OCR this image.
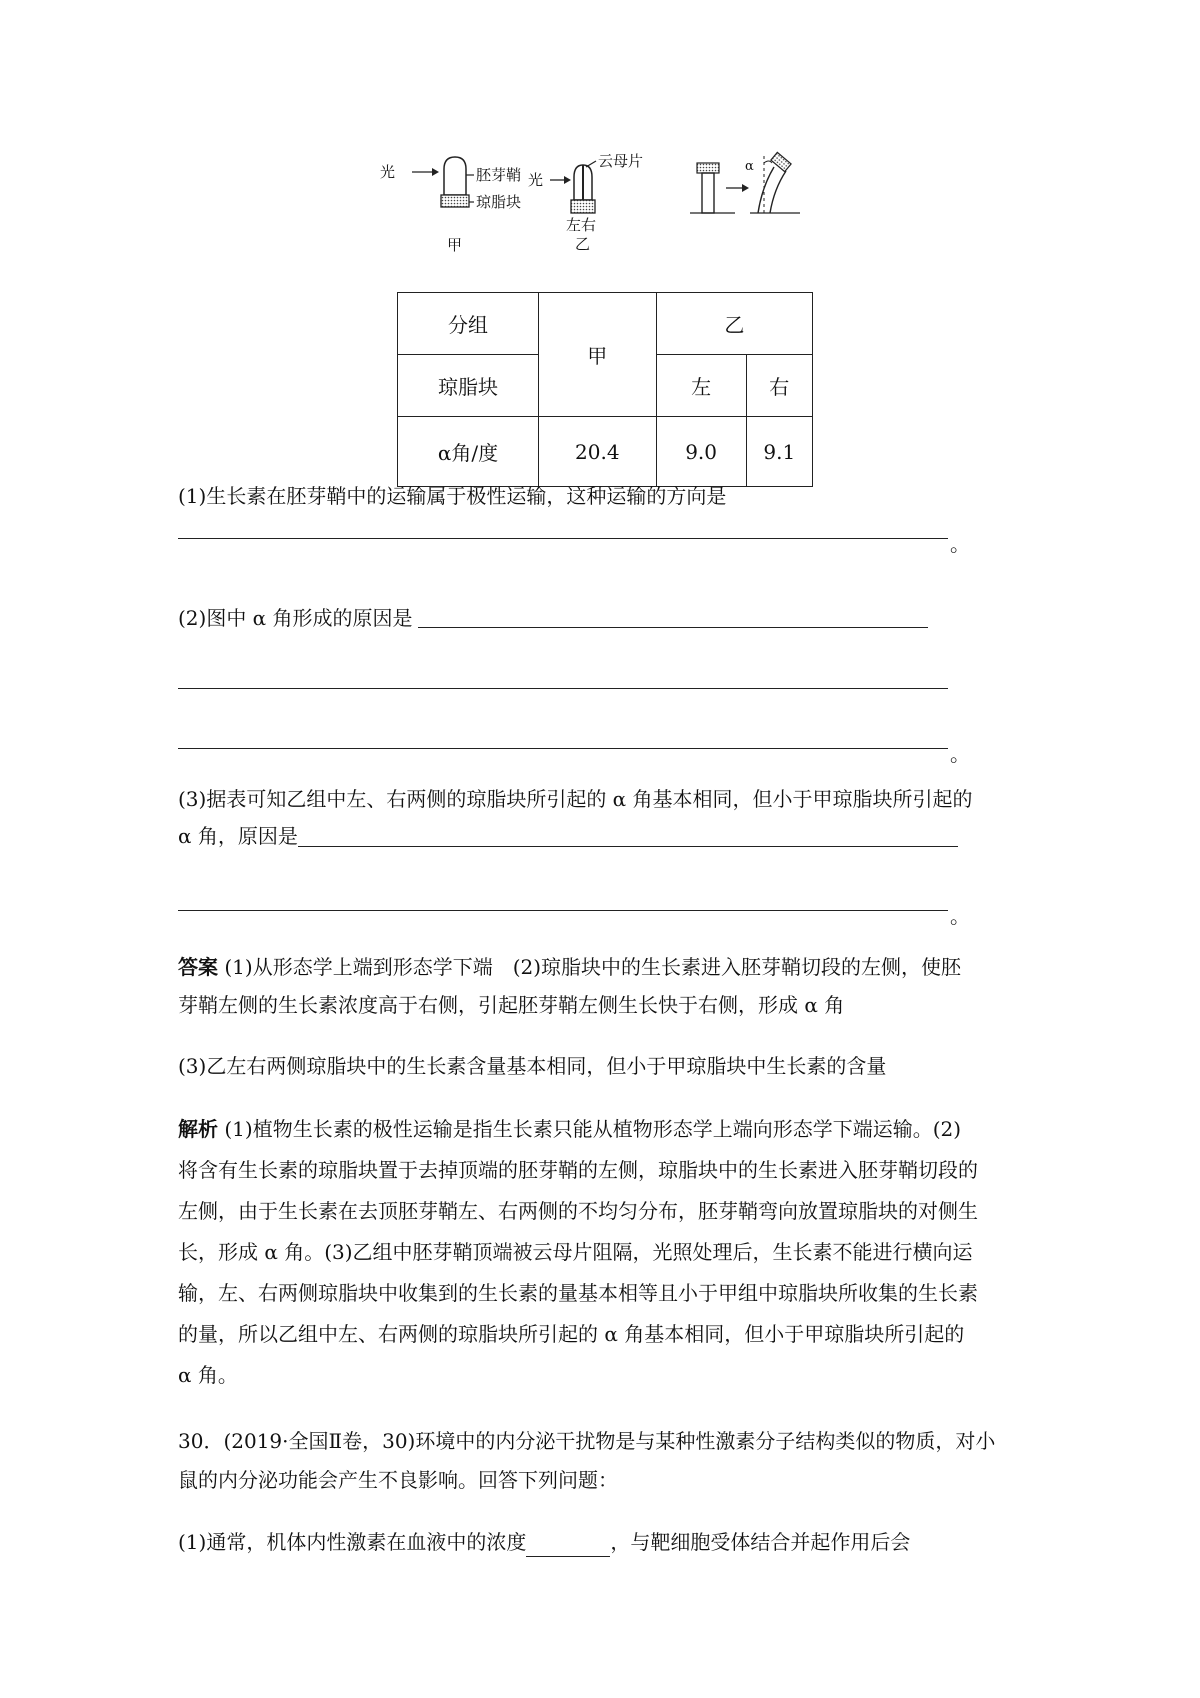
光	胚芽鞘
琼脂块
甲
光
云母片
左右
乙
α
分组	甲	乙	
琼脂块		左	右
α角/度	20.4	9.0	9.1
(1)生长素在胚芽鞘中的运输属于极性运输，这种运输的方向是
。
(2)图中 α 角形成的原因是
。
(3)据表可知乙组中左、右两侧的琼脂块所引起的 α 角基本相同，但小于甲琼脂块所引起的
α 角，原因是
。
答案 (1)从形态学上端到形态学下端　(2)琼脂块中的生长素进入胚芽鞘切段的左侧，使胚
芽鞘左侧的生长素浓度高于右侧，引起胚芽鞘左侧生长快于右侧，形成 α 角
(3)乙左右两侧琼脂块中的生长素含量基本相同，但小于甲琼脂块中生长素的含量
解析 (1)植物生长素的极性运输是指生长素只能从植物形态学上端向形态学下端运输。(2)
将含有生长素的琼脂块置于去掉顶端的胚芽鞘的左侧，琼脂块中的生长素进入胚芽鞘切段的
左侧，由于生长素在去顶胚芽鞘左、右两侧的不均匀分布，胚芽鞘弯向放置琼脂块的对侧生
长，形成 α 角。(3)乙组中胚芽鞘顶端被云母片阻隔，光照处理后，生长素不能进行横向运
输，左、右两侧琼脂块中收集到的生长素的量基本相等且小于甲组中琼脂块所收集的生长素
的量，所以乙组中左、右两侧的琼脂块所引起的 α 角基本相同，但小于甲琼脂块所引起的
α 角。
30．(2019·全国Ⅱ卷，30)环境中的内分泌干扰物是与某种性激素分子结构类似的物质，对小
鼠的内分泌功能会产生不良影响。回答下列问题：
(1)通常，机体内性激素在血液中的浓度	，与靶细胞受体结合并起作用后会
